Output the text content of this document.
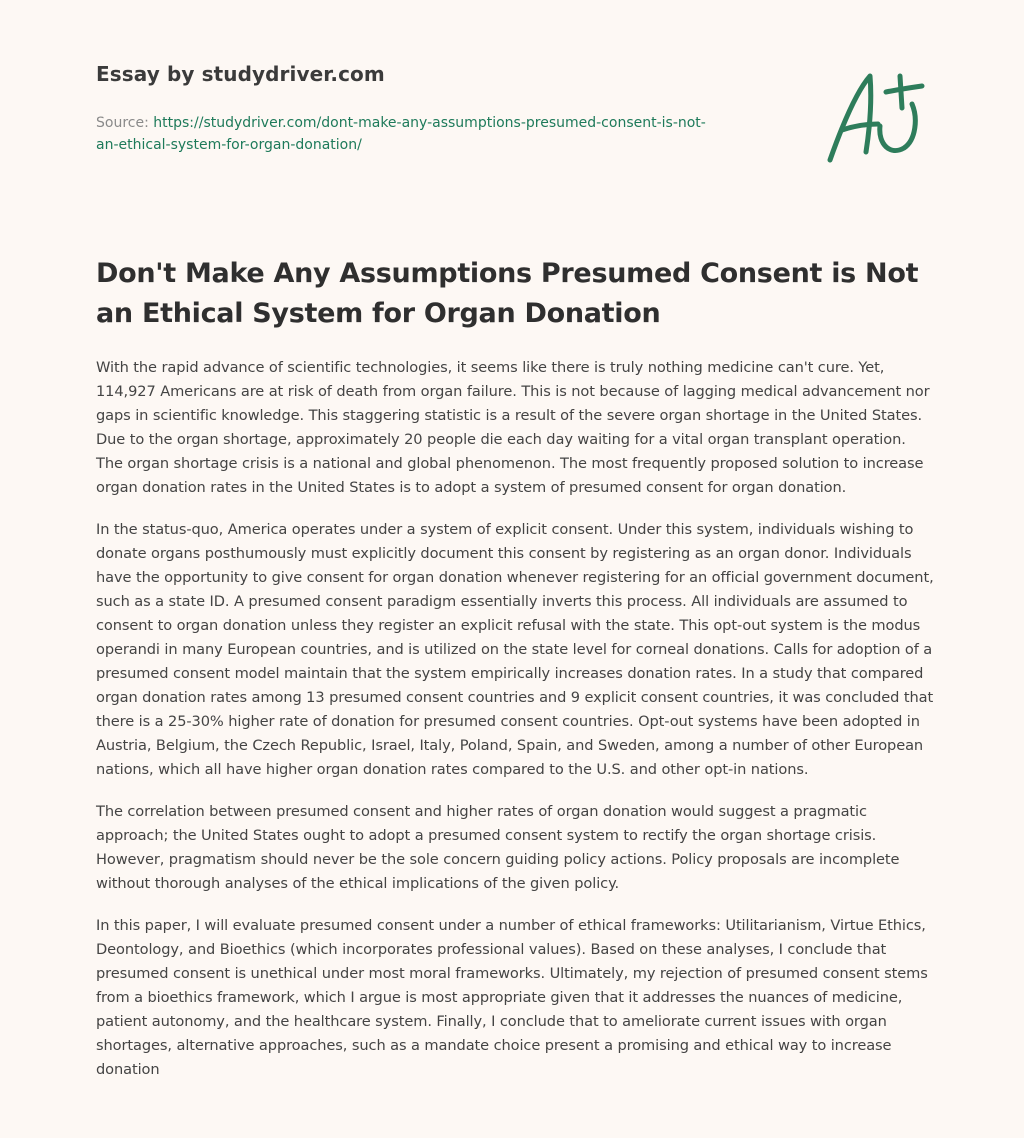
Essay by studydriver.com
Source: https://studydriver.com/dont-make-any-assumptions-presumed-consent-is-not-
an-ethical-system-for-organ-donation/
Don't Make Any Assumptions Presumed Consent is Not an Ethical System for Organ Donation

With the rapid advance of scientific technologies, it seems like there is truly nothing medicine can't cure. Yet, 114,927 Americans are at risk of death from organ failure. This is not because of lagging medical advancement nor gaps in scientific knowledge. This staggering statistic is a result of the severe organ shortage in the United States. Due to the organ shortage, approximately 20 people die each day waiting for a vital organ transplant operation. The organ shortage crisis is a national and global phenomenon. The most frequently proposed solution to increase organ donation rates in the United States is to adopt a system of presumed consent for organ donation.

In the status-quo, America operates under a system of explicit consent. Under this system, individuals wishing to donate organs posthumously must explicitly document this consent by registering as an organ donor. Individuals have the opportunity to give consent for organ donation whenever registering for an official government document, such as a state ID. A presumed consent paradigm essentially inverts this process. All individuals are assumed to consent to organ donation unless they register an explicit refusal with the state. This opt-out system is the modus operandi in many European countries, and is utilized on the state level for corneal donations. Calls for adoption of a presumed consent model maintain that the system empirically increases donation rates. In a study that compared organ donation rates among 13 presumed consent countries and 9 explicit consent countries, it was concluded that there is a 25-30% higher rate of donation for presumed consent countries. Opt-out systems have been adopted in Austria, Belgium, the Czech Republic, Israel, Italy, Poland, Spain, and Sweden, among a number of other European nations, which all have higher organ donation rates compared to the U.S. and other opt-in nations.

The correlation between presumed consent and higher rates of organ donation would suggest a pragmatic approach; the United States ought to adopt a presumed consent system to rectify the organ shortage crisis. However, pragmatism should never be the sole concern guiding policy actions. Policy proposals are incomplete without thorough analyses of the ethical implications of the given policy.

In this paper, I will evaluate presumed consent under a number of ethical frameworks: Utilitarianism, Virtue Ethics, Deontology, and Bioethics (which incorporates professional values). Based on these analyses, I conclude that presumed consent is unethical under most moral frameworks. Ultimately, my rejection of presumed consent stems from a bioethics framework, which I argue is most appropriate given that it addresses the nuances of medicine, patient autonomy, and the healthcare system. Finally, I conclude that to ameliorate current issues with organ shortages, alternative approaches, such as a mandate choice present a promising and ethical way to increase donation
